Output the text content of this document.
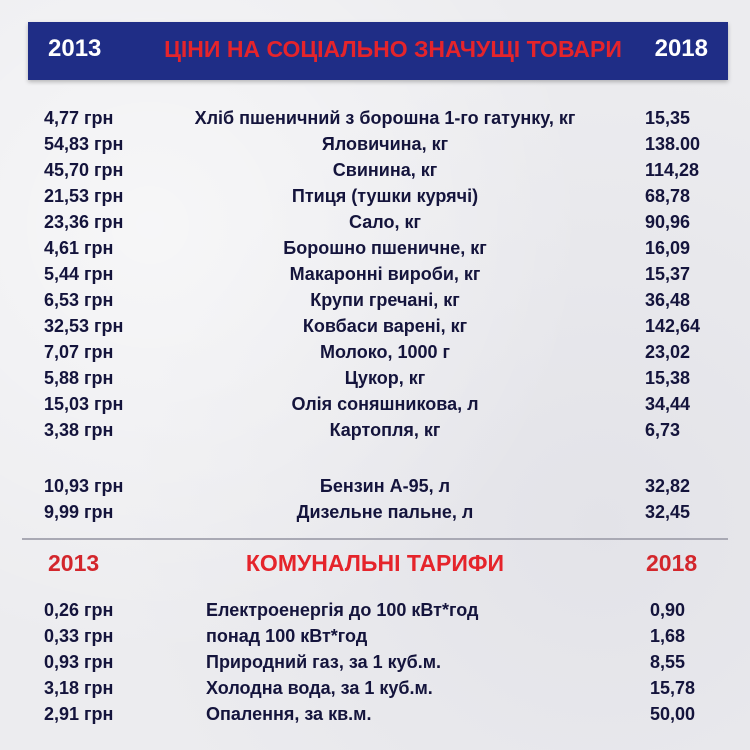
2013	ЦІНИ НА СОЦІАЛЬНО ЗНАЧУЩІ ТОВАРИ	2018
4,77 грн	Хліб пшеничний з борошна 1-го гатунку, кг	15,35
54,83 грн	Яловичина, кг	138.00
45,70 грн	Свинина, кг	114,28
21,53 грн	Птиця (тушки курячі)	68,78
23,36 грн	Сало, кг	90,96
4,61 грн	Борошно пшеничне, кг	16,09
5,44 грн	Макаронні вироби, кг	15,37
6,53 грн	Крупи гречані, кг	36,48
32,53 грн	Ковбаси варені, кг	142,64
7,07 грн	Молоко, 1000 г	23,02
5,88 грн	Цукор, кг	15,38
15,03 грн	Олія соняшникова, л	34,44
3,38 грн	Картопля, кг	6,73
10,93 грн	Бензин А-95, л	32,82
9,99 грн	Дизельне пальне, л	32,45
2013	КОМУНАЛЬНІ ТАРИФИ	2018
0,26 грн	Електроенергія до 100 кВт*год	0,90
0,33 грн	понад 100 кВт*год	1,68
0,93 грн	Природний газ, за 1 куб.м.	8,55
3,18 грн	Холодна вода, за 1 куб.м.	15,78
2,91 грн	Опалення, за кв.м.	50,00
